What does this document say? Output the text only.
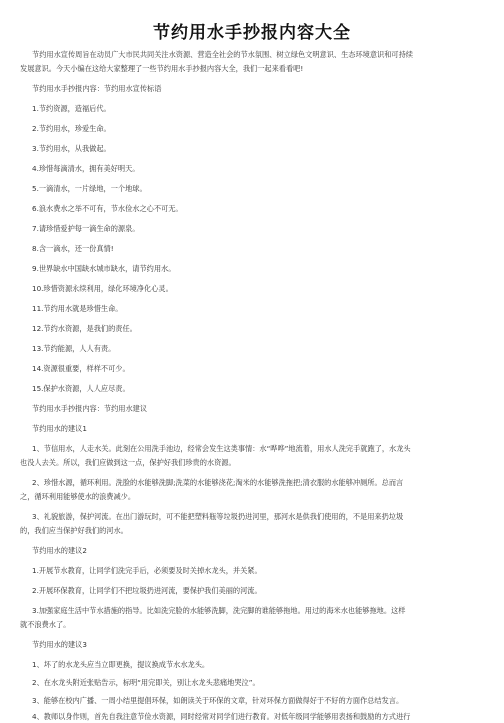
节约用水手抄报内容大全
节约用水宣传周旨在动员广大市民共同关注水资源、营造全社会的节水氛围、树立绿色文明意识、生态环境意识和可持续
发展意识。今天小编在这给大家整理了一些节约用水手抄报内容大全，我们一起来看看吧!
节约用水手抄报内容：节约用水宣传标语
1.节约资源，造福后代。
2.节约用水，珍爱生命。
3.节约用水，从我做起。
4.珍惜每滴清水，拥有美好明天。
5.一滴清水，一片绿地，一个地球。
6.浪水费水之举不可有，节水俭水之心不可无。
7.请珍惜爱护每一滴生命的源泉。
8.含一滴水，还一份真情!
9.世界缺水中国缺水城市缺水，请节约用水。
10.珍惜资源永续利用，绿化环境净化心灵。
11.节约用水就是珍惜生命。
12.节约水资源，是我们的责任。
13.节约能源，人人有责。
14.资源很重要，样样不可少。
15.保护水资源，人人应尽责。
节约用水手抄报内容：节约用水建议
节约用水的建议1
1、节信用水，人走水关。此刻在公用洗手池边，经常会发生这类事情：水“哗哗”地流着，用水人洗完手就跑了，水龙头
也没人去关。所以，我们应做到这一点，保护好我们珍贵的水资源。
2、珍惜水源，循环利用。洗脸的水能够洗脚;洗菜的水能够浇花;淘米的水能够洗拖把;清衣服的水能够冲厕所。总而言
之，循环利用能够使水的浪费减少。
3、礼貌旅游，保护河流。在出门游玩时，可不能把塑料瓶等垃圾扔进河里，那河水是供我们使用的，不是用来扔垃圾
的，我们应当保护好我们的河水。
节约用水的建议2
1.开展节水教育，让同学们洗完手后，必须要及时关掉水龙头，并关紧。
2.开展环保教育，让同学们不把垃圾扔进河流，要保护我们美丽的河流。
3.加强家庭生活中节水措施的指导。比如洗完脸的水能够洗脚，洗完脚的谁能够拖地。用过的海米水也能够拖地。这样
就不浪费水了。
节约用水的建议3
1、坏了的水龙头应当立即更换，提议换成节水水龙头。
2、在水龙头附近张贴告示，标明“用完即关，别让水龙头悲痛地哭泣”。
3、能够在校内广播、一周小结里提倡环保，如朗读关于环保的文章，针对环保方面做得好于不好的方面作总结发言。
4、教师以身作则，首先自我注意节俭水资源，同时经常对同学们进行教育。对低年级同学能够用表扬和鼓励的方式进行
